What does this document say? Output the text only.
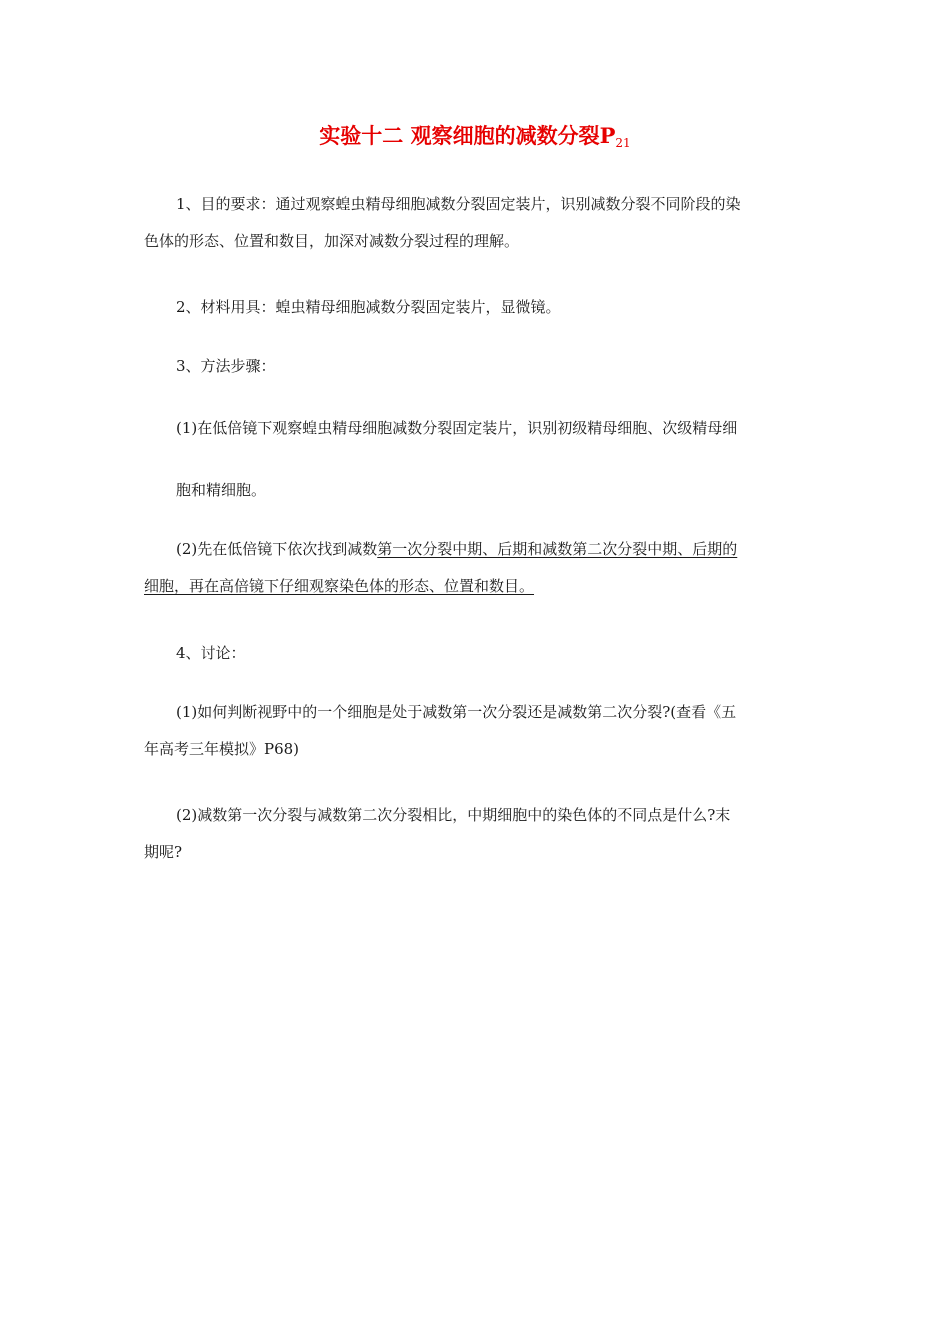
实验十二 观察细胞的减数分裂P21
1、目的要求：通过观察蝗虫精母细胞减数分裂固定装片，识别减数分裂不同阶段的染
色体的形态、位置和数目，加深对减数分裂过程的理解。
2、材料用具：蝗虫精母细胞减数分裂固定装片，显微镜。
3、方法步骤：
(1)在低倍镜下观察蝗虫精母细胞减数分裂固定装片，识别初级精母细胞、次级精母细
胞和精细胞。
(2)先在低倍镜下依次找到减数第一次分裂中期、后期和减数第二次分裂中期、后期的
细胞，再在高倍镜下仔细观察染色体的形态、位置和数目。
4、讨论：
(1)如何判断视野中的一个细胞是处于减数第一次分裂还是减数第二次分裂?(查看《五
年高考三年模拟》P68)
(2)减数第一次分裂与减数第二次分裂相比，中期细胞中的染色体的不同点是什么?末
期呢?
